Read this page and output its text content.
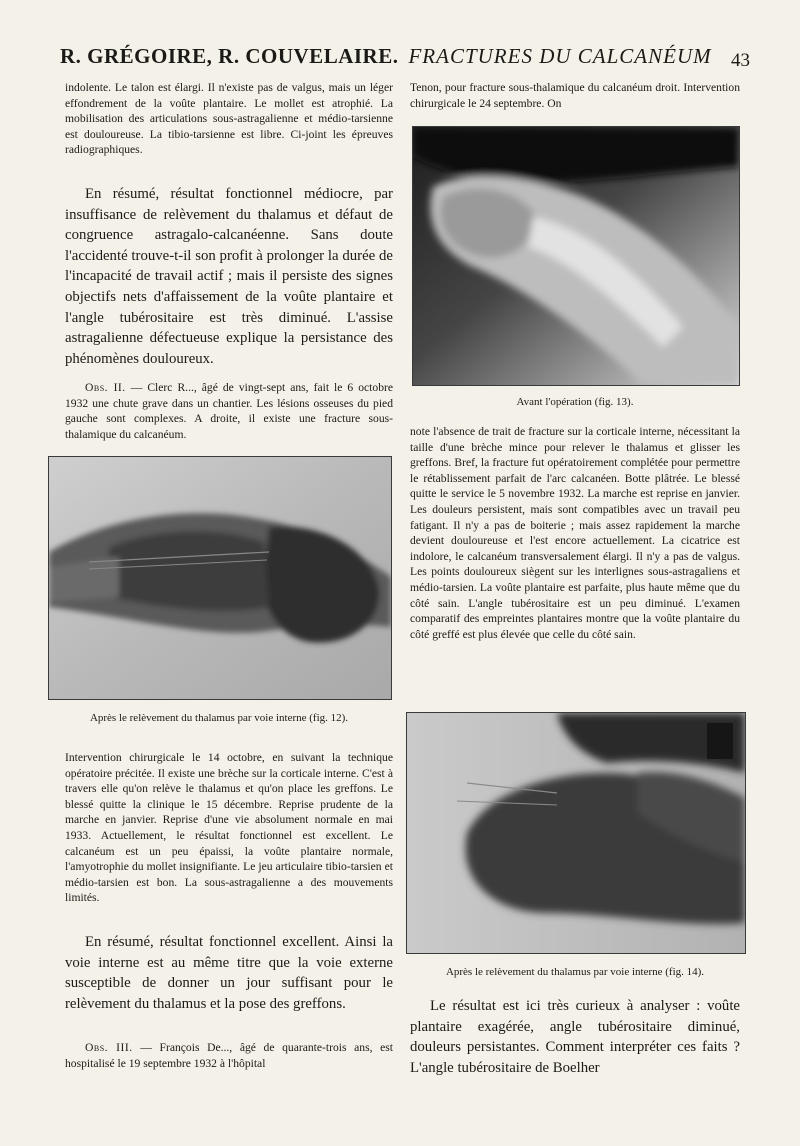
R. GRÉGOIRE, R. COUVELAIRE. FRACTURES DU CALCANÉUM 43

indolente. Le talon est élargi. Il n'existe pas de valgus, mais un léger effondrement de la voûte plantaire. Le mollet est atrophié. La mobilisation des articulations sous-astragalienne et médio-tarsienne est douloureuse. La tibio-tarsienne est libre. Ci-joint les épreuves radiographiques.

En résumé, résultat fonctionnel médiocre, par insuffisance de relèvement du thalamus et défaut de congruence astragalo-calcanéenne. Sans doute l'accidenté trouve-t-il son profit à prolonger la durée de l'incapacité de travail actif ; mais il persiste des signes objectifs nets d'affaissement de la voûte plantaire et l'angle tubérositaire est très diminué. L'assise astragalienne défectueuse explique la persistance des phénomènes douloureux.

Obs. II. — Clerc R..., âgé de vingt-sept ans, fait le 6 octobre 1932 une chute grave dans un chantier. Les lésions osseuses du pied gauche sont complexes. A droite, il existe une fracture sous-thalamique du calcanéum.

Après le relèvement du thalamus par voie interne (fig. 12).

Intervention chirurgicale le 14 octobre, en suivant la technique opératoire précitée. Il existe une brèche sur la corticale interne. C'est à travers elle qu'on relève le thalamus et qu'on place les greffons. Le blessé quitte la clinique le 15 décembre. Reprise prudente de la marche en janvier. Reprise d'une vie absolument normale en mai 1933. Actuellement, le résultat fonctionnel est excellent. Le calcanéum est un peu épaissi, la voûte plantaire normale, l'amyotrophie du mollet insignifiante. Le jeu articulaire tibio-tarsien et médio-tarsien est bon. La sous-astragalienne a des mouvements limités.

En résumé, résultat fonctionnel excellent. Ainsi la voie interne est au même titre que la voie externe susceptible de donner un jour suffisant pour le relèvement du thalamus et la pose des greffons.

Obs. III. — François De..., âgé de quarante-trois ans, est hospitalisé le 19 septembre 1932 à l'hôpital

Tenon, pour fracture sous-thalamique du calcanéum droit. Intervention chirurgicale le 24 septembre. On

Avant l'opération (fig. 13).

note l'absence de trait de fracture sur la corticale interne, nécessitant la taille d'une brèche mince pour relever le thalamus et glisser les greffons. Bref, la fracture fut opératoirement complétée pour permettre le rétablissement parfait de l'arc calcanéen. Botte plâtrée. Le blessé quitte le service le 5 novembre 1932. La marche est reprise en janvier. Les douleurs persistent, mais sont compatibles avec un travail peu fatigant. Il n'y a pas de boiterie ; mais assez rapidement la marche devient douloureuse et l'est encore actuellement. La cicatrice est indolore, le calcanéum transversalement élargi. Il n'y a pas de valgus. Les points douloureux siègent sur les interlignes sous-astragaliens et médio-tarsien. La voûte plantaire est parfaite, plus haute même que du côté sain. L'angle tubérositaire est un peu diminué. L'examen comparatif des empreintes plantaires montre que la voûte plantaire du côté greffé est plus élevée que celle du côté sain.

Après le relèvement du thalamus par voie interne (fig. 14).

Le résultat est ici très curieux à analyser : voûte plantaire exagérée, angle tubérositaire diminué, douleurs persistantes. Comment interpréter ces faits ? L'angle tubérositaire de Boelher
